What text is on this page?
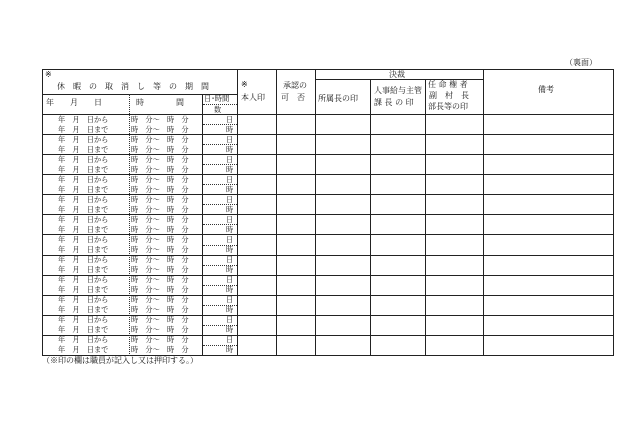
（裏面）
※
休　暇　の　取　消　し　等　の　期　間
年　　月　　日	時　　　　間	日･時間
数
※
本人印
承認の
可　否
決裁
所属長の印
人事給与主管
課 長 の 印
任 命 権 者
副　村　長
部長等の印
備考
年　月　日から
年　月　日まで
時　分～　時　分
時　分～　時　分
日
時
年　月　日から
年　月　日まで
時　分～　時　分
時　分～　時　分
日
時
年　月　日から
年　月　日まで
時　分～　時　分
時　分～　時　分
日
時
年　月　日から
年　月　日まで
時　分～　時　分
時　分～　時　分
日
時
年　月　日から
年　月　日まで
時　分～　時　分
時　分～　時　分
日
時
年　月　日から
年　月　日まで
時　分～　時　分
時　分～　時　分
日
時
年　月　日から
年　月　日まで
時　分～　時　分
時　分～　時　分
日
時
年　月　日から
年　月　日まで
時　分～　時　分
時　分～　時　分
日
時
年　月　日から
年　月　日まで
時　分～　時　分
時　分～　時　分
日
時
年　月　日から
年　月　日まで
時　分～　時　分
時　分～　時　分
日
時
年　月　日から
年　月　日まで
時　分～　時　分
時　分～　時　分
日
時
年　月　日から
年　月　日まで
時　分～　時　分
時　分～　時　分
日
時
（※印の欄は職員が記入し又は押印する。）
